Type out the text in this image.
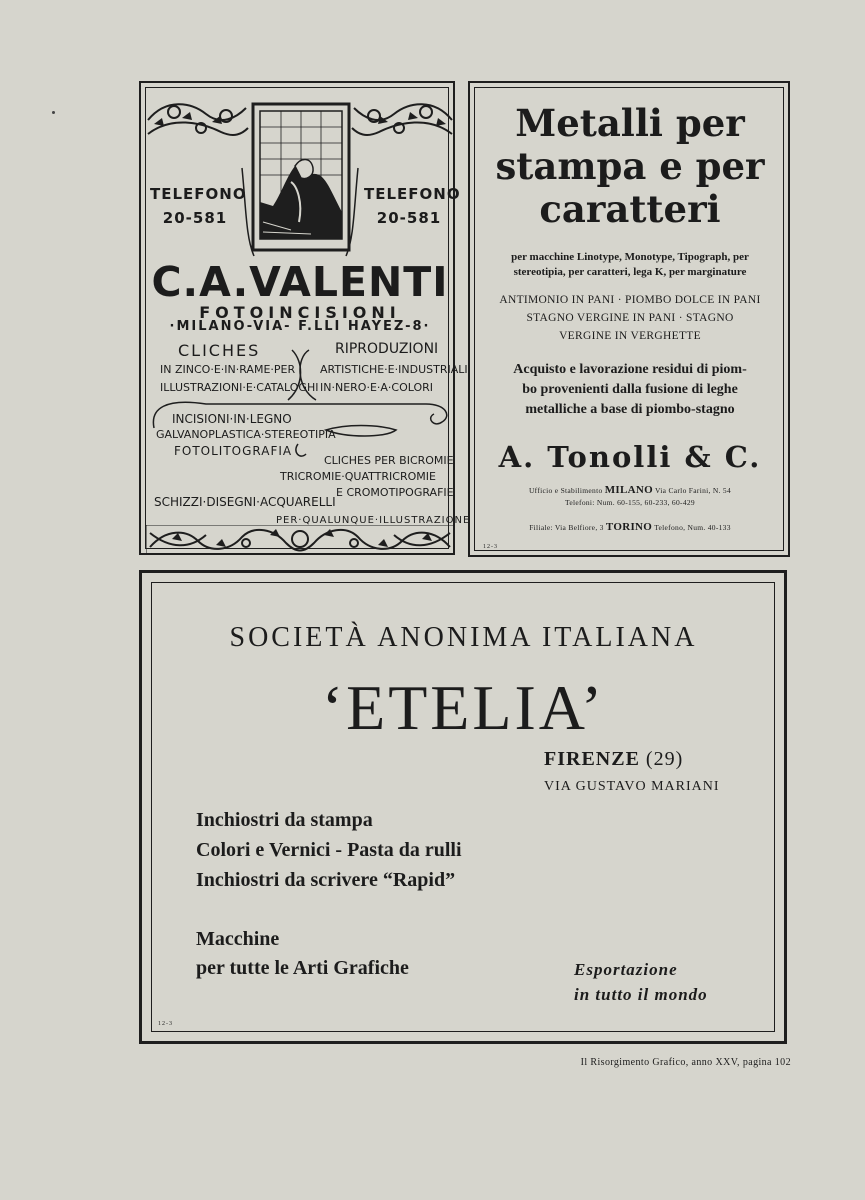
TELEFONO
20-581
TELEFONO
20-581
C.A.VALENTI
FOTOINCISIONI
·MILANO-VIA- F.LLI HAYEZ-8·
CLICHES
IN ZINCO·E·IN·RAME·PER
ILLUSTRAZIONI·E·CATALOGHI
RIPRODUZIONI
ARTISTICHE·E·INDUSTRIALI
IN·NERO·E·A·COLORI
INCISIONI·IN·LEGNO
GALVANOPLASTICA·STEREOTIPIA
FOTOLITOGRAFIA
CLICHES PER BICROMIE
TRICROMIE·QUATTRICROMIE
E CROMOTIPOGRAFIE
SCHIZZI·DISEGNI·ACQUARELLI
PER·QUALUNQUE·ILLUSTRAZIONE
Metalli per
stampa e per
caratteri
per macchine Linotype, Monotype, Tipograph, per
stereotipia, per caratteri, lega K, per marginature
ANTIMONIO IN PANI · PIOMBO DOLCE IN PANI
STAGNO VERGINE IN PANI · STAGNO
VERGINE IN VERGHETTE
Acquisto e lavorazione residui di piom-
bo provenienti dalla fusione di leghe
metalliche a base di piombo-stagno
A. Tonolli & C.
Ufficio e Stabilimento MILANO Via Carlo Farini, N. 54
Telefoni: Num. 60-155, 60-233, 60-429
Filiale: Via Belfiore, 3 TORINO Telefono, Num. 40-133
12-3
SOCIETÀ ANONIMA ITALIANA
‘ETELIA’
FIRENZE (29)
VIA GUSTAVO MARIANI
Inchiostri da stampa
Colori e Vernici - Pasta da rulli
Inchiostri da scrivere “Rapid”
Macchine
per tutte le Arti Grafiche	Esportazione
in tutto il mondo
12-3
Il Risorgimento Grafico, anno XXV, pagina 102
